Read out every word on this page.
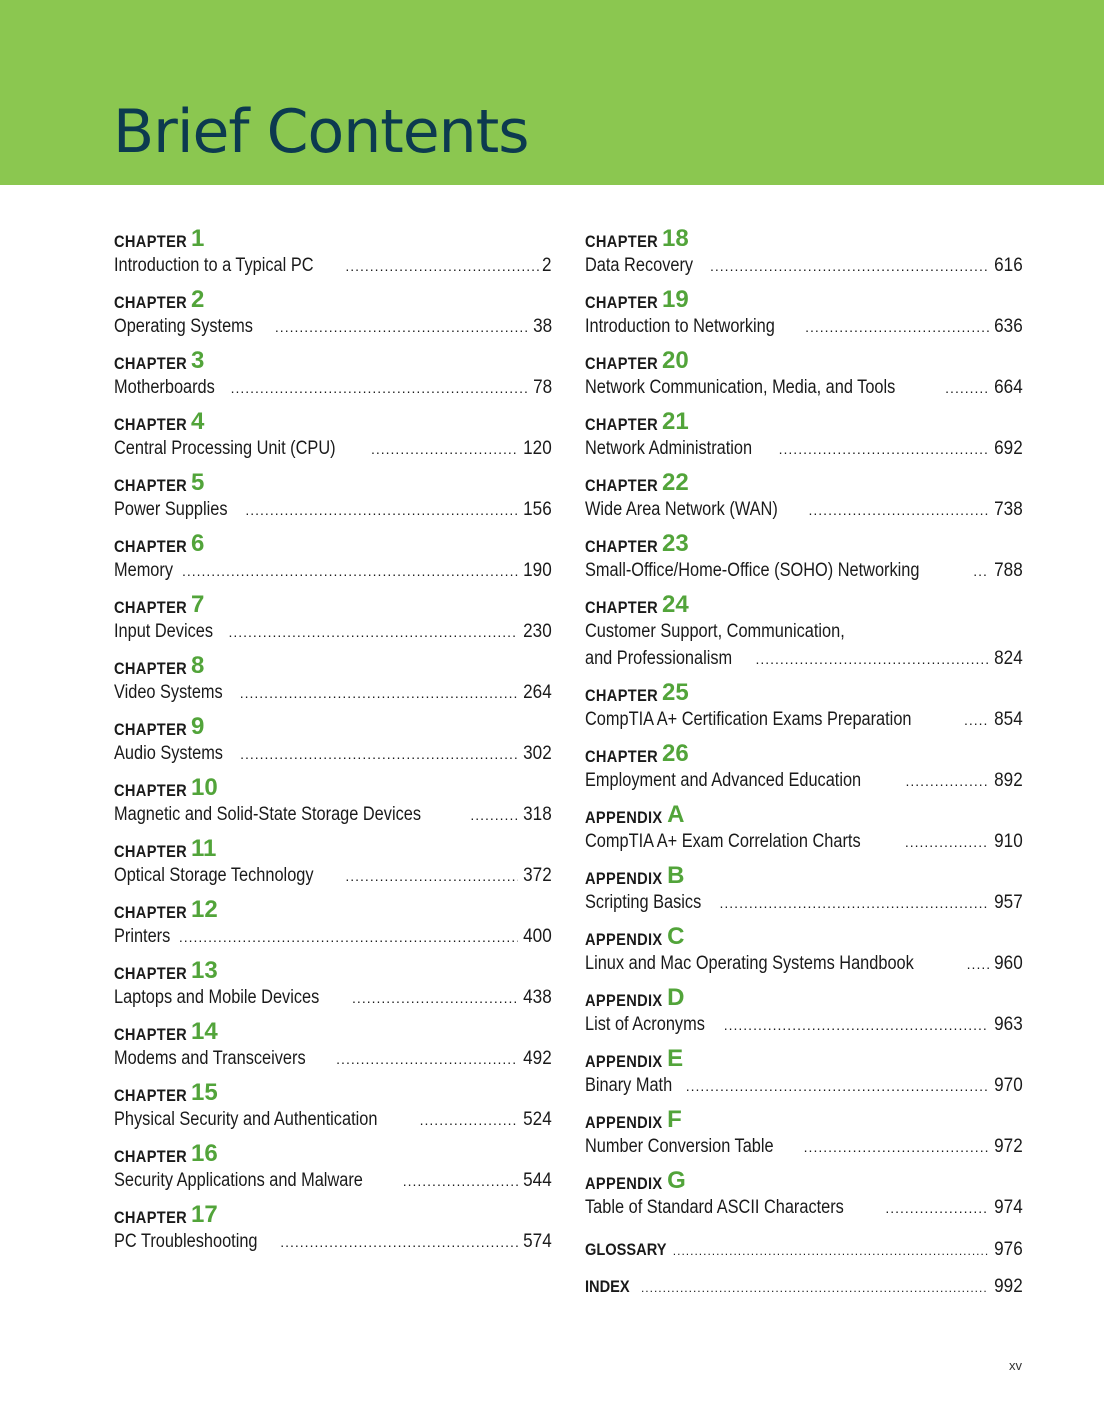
Brief Contents
CHAPTER 1
Introduction to a Typical PC .....	2
CHAPTER 2
Operating Systems .....	38
CHAPTER 3
Motherboards .....	78
CHAPTER 4
Central Processing Unit (CPU) .....	120
CHAPTER 5
Power Supplies .....	156
CHAPTER 6
Memory .....	190
CHAPTER 7
Input Devices .....	230
CHAPTER 8
Video Systems .....	264
CHAPTER 9
Audio Systems .....	302
CHAPTER 10
Magnetic and Solid-State Storage Devices .....	318
CHAPTER 11
Optical Storage Technology .....	372
CHAPTER 12
Printers .....	400
CHAPTER 13
Laptops and Mobile Devices .....	438
CHAPTER 14
Modems and Transceivers .....	492
CHAPTER 15
Physical Security and Authentication .....	524
CHAPTER 16
Security Applications and Malware .....	544
CHAPTER 17
PC Troubleshooting .....	574
CHAPTER 18
Data Recovery .....	616
CHAPTER 19
Introduction to Networking .....	636
CHAPTER 20
Network Communication, Media, and Tools .....	664
CHAPTER 21
Network Administration .....	692
CHAPTER 22
Wide Area Network (WAN) .....	738
CHAPTER 23
Small-Office/Home-Office (SOHO) Networking .....	788
CHAPTER 24
Customer Support, Communication,
and Professionalism .....	824
CHAPTER 25
CompTIA A+ Certification Exams Preparation .....	854
CHAPTER 26
Employment and Advanced Education .....	892
APPENDIX A
CompTIA A+ Exam Correlation Charts .....	910
APPENDIX B
Scripting Basics .....	957
APPENDIX C
Linux and Mac Operating Systems Handbook .....	960
APPENDIX D
List of Acronyms .....	963
APPENDIX E
Binary Math .....	970
APPENDIX F
Number Conversion Table .....	972
APPENDIX G
Table of Standard ASCII Characters .....	974
GLOSSARY .....	976
INDEX .....	992
xv
